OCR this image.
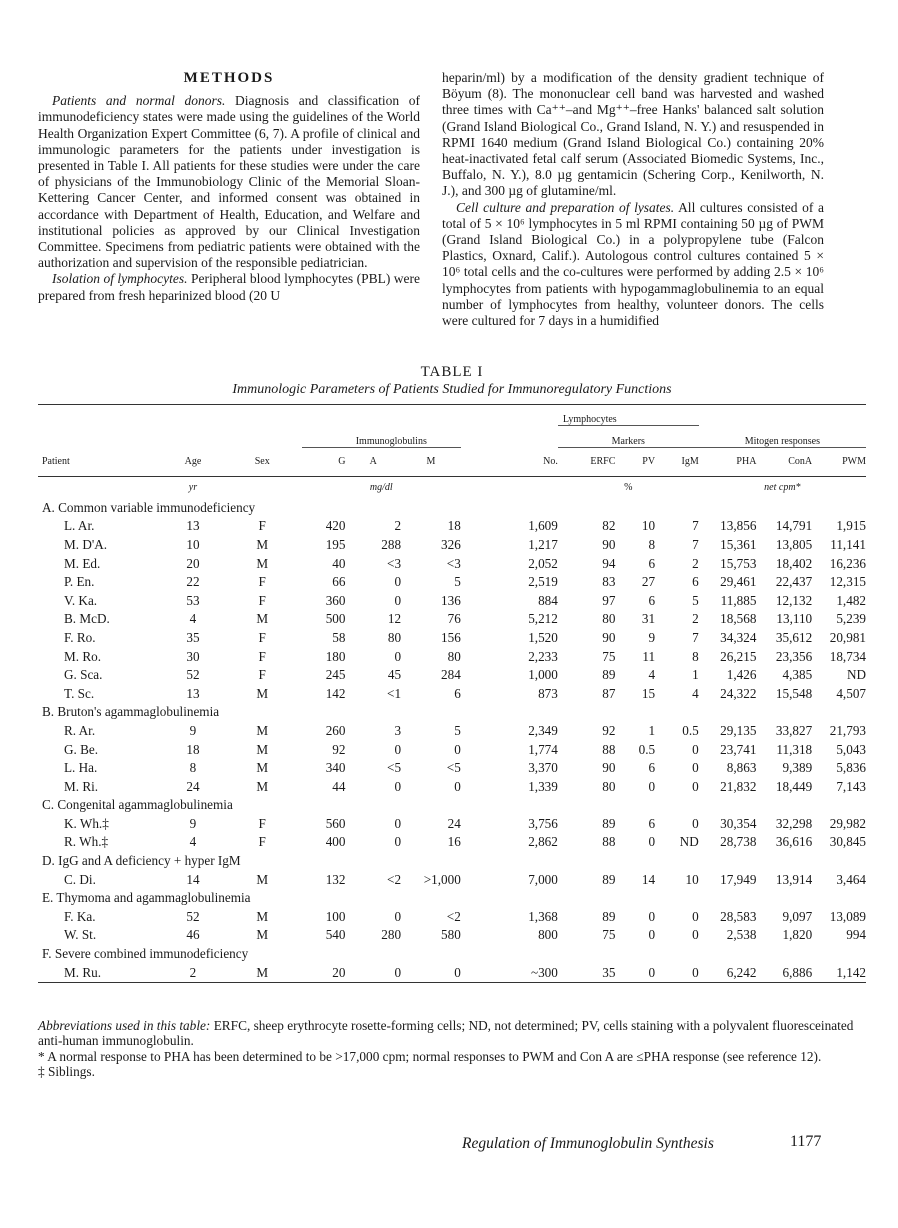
METHODS

Patients and normal donors. Diagnosis and classification of immunodeficiency states were made using the guidelines of the World Health Organization Expert Committee (6, 7). A profile of clinical and immunologic parameters for the patients under investigation is presented in Table I. All patients for these studies were under the care of physicians of the Immunobiology Clinic of the Memorial Sloan-Kettering Cancer Center, and informed consent was obtained in accordance with Department of Health, Education, and Welfare and institutional policies as approved by our Clinical Investigation Committee. Specimens from pediatric patients were obtained with the authorization and supervision of the responsible pediatrician.

Isolation of lymphocytes. Peripheral blood lymphocytes (PBL) were prepared from fresh heparinized blood (20 U

heparin/ml) by a modification of the density gradient technique of Böyum (8). The mononuclear cell band was harvested and washed three times with Ca⁺⁺–and Mg⁺⁺–free Hanks' balanced salt solution (Grand Island Biological Co., Grand Island, N. Y.) and resuspended in RPMI 1640 medium (Grand Island Biological Co.) containing 20% heat-inactivated fetal calf serum (Associated Biomedic Systems, Inc., Buffalo, N. Y.), 8.0 µg gentamicin (Schering Corp., Kenilworth, N. J.), and 300 µg of glutamine/ml.

Cell culture and preparation of lysates. All cultures consisted of a total of 5 × 10⁶ lymphocytes in 5 ml RPMI containing 50 µg of PWM (Grand Island Biological Co.) in a polypropylene tube (Falcon Plastics, Oxnard, Calif.). Autologous control cultures contained 5 × 10⁶ total cells and the co-cultures were performed by adding 2.5 × 10⁶ lymphocytes from patients with hypogammaglobulinemia to an equal number of lymphocytes from healthy, volunteer donors. The cells were cultured for 7 days in a humidified

TABLE I

Immunologic Parameters of Patients Studied for Immunoregulatory Functions

						Lymphocytes						
			Immunoglobulins				Markers			Mitogen responses		
Patient	Age	Sex	G	A	M	No.	ERFC	PV	IgM	PHA	ConA	PWM
	yr		mg/dl				%			net cpm*		
A. Common variable immunodeficiency												
L. Ar.	13	F	420	2	18	1,609	82	10	7	13,856	14,791	1,915
M. D'A.	10	M	195	288	326	1,217	90	8	7	15,361	13,805	11,141
M. Ed.	20	M	40	<3	<3	2,052	94	6	2	15,753	18,402	16,236
P. En.	22	F	66	0	5	2,519	83	27	6	29,461	22,437	12,315
V. Ka.	53	F	360	0	136	884	97	6	5	11,885	12,132	1,482
B. McD.	4	M	500	12	76	5,212	80	31	2	18,568	13,110	5,239
F. Ro.	35	F	58	80	156	1,520	90	9	7	34,324	35,612	20,981
M. Ro.	30	F	180	0	80	2,233	75	11	8	26,215	23,356	18,734
G. Sca.	52	F	245	45	284	1,000	89	4	1	1,426	4,385	ND
T. Sc.	13	M	142	<1	6	873	87	15	4	24,322	15,548	4,507
B. Bruton's agammaglobulinemia												
R. Ar.	9	M	260	3	5	2,349	92	1	0.5	29,135	33,827	21,793
G. Be.	18	M	92	0	0	1,774	88	0.5	0	23,741	11,318	5,043
L. Ha.	8	M	340	<5	<5	3,370	90	6	0	8,863	9,389	5,836
M. Ri.	24	M	44	0	0	1,339	80	0	0	21,832	18,449	7,143
C. Congenital agammaglobulinemia												
K. Wh.‡	9	F	560	0	24	3,756	89	6	0	30,354	32,298	29,982
R. Wh.‡	4	F	400	0	16	2,862	88	0	ND	28,738	36,616	30,845
D. IgG and A deficiency + hyper IgM												
C. Di.	14	M	132	<2	>1,000	7,000	89	14	10	17,949	13,914	3,464
E. Thymoma and agammaglobulinemia												
F. Ka.	52	M	100	0	<2	1,368	89	0	0	28,583	9,097	13,089
W. St.	46	M	540	280	580	800	75	0	0	2,538	1,820	994
F. Severe combined immunodeficiency												
M. Ru.	2	M	20	0	0	~300	35	0	0	6,242	6,886	1,142

Abbreviations used in this table: ERFC, sheep erythrocyte rosette-forming cells; ND, not determined; PV, cells staining with a polyvalent fluoresceinated anti-human immunoglobulin.

* A normal response to PHA has been determined to be >17,000 cpm; normal responses to PWM and Con A are ≤PHA response (see reference 12).

‡ Siblings.

Regulation of Immunoglobulin Synthesis	1177
